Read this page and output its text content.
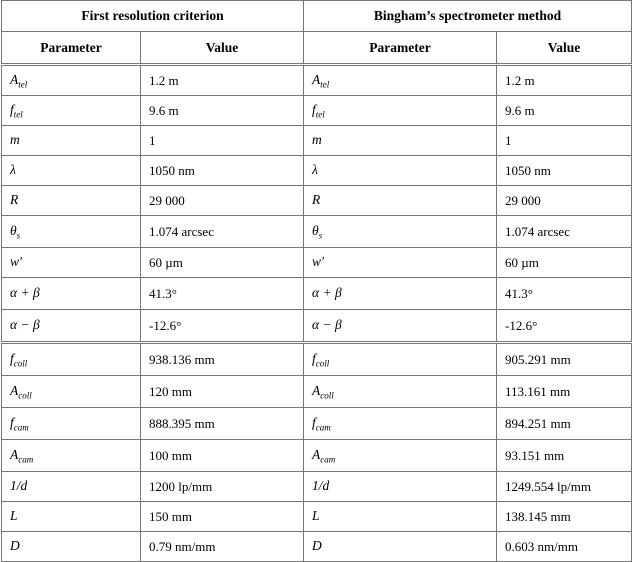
First resolution criterion		Bingham’s spectrometer method	
Parameter	Value	Parameter	Value
$A_{tel}$	1.2 m	$A_{tel}$	1.2 m
$f_{tel}$	9.6 m	$f_{tel}$	9.6 m
m	1	m	1
λ	1050 nm	λ	1050 nm
R	29 000	R	29 000
$\theta_s$	1.074 arcsec	$\theta_s$	1.074 arcsec
w′	60 µm	w′	60 µm
α + β	41.3°	α + β	41.3°
α − β	-12.6°	α − β	-12.6°
$f_{coll}$	938.136 mm	$f_{coll}$	905.291 mm
$A_{coll}$	120 mm	$A_{coll}$	113.161 mm
$f_{cam}$	888.395 mm	$f_{cam}$	894.251 mm
$A_{cam}$	100 mm	$A_{cam}$	93.151 mm
1/d	1200 lp/mm	1/d	1249.554 lp/mm
L	150 mm	L	138.145 mm
D	0.79 nm/mm	D	0.603 nm/mm
